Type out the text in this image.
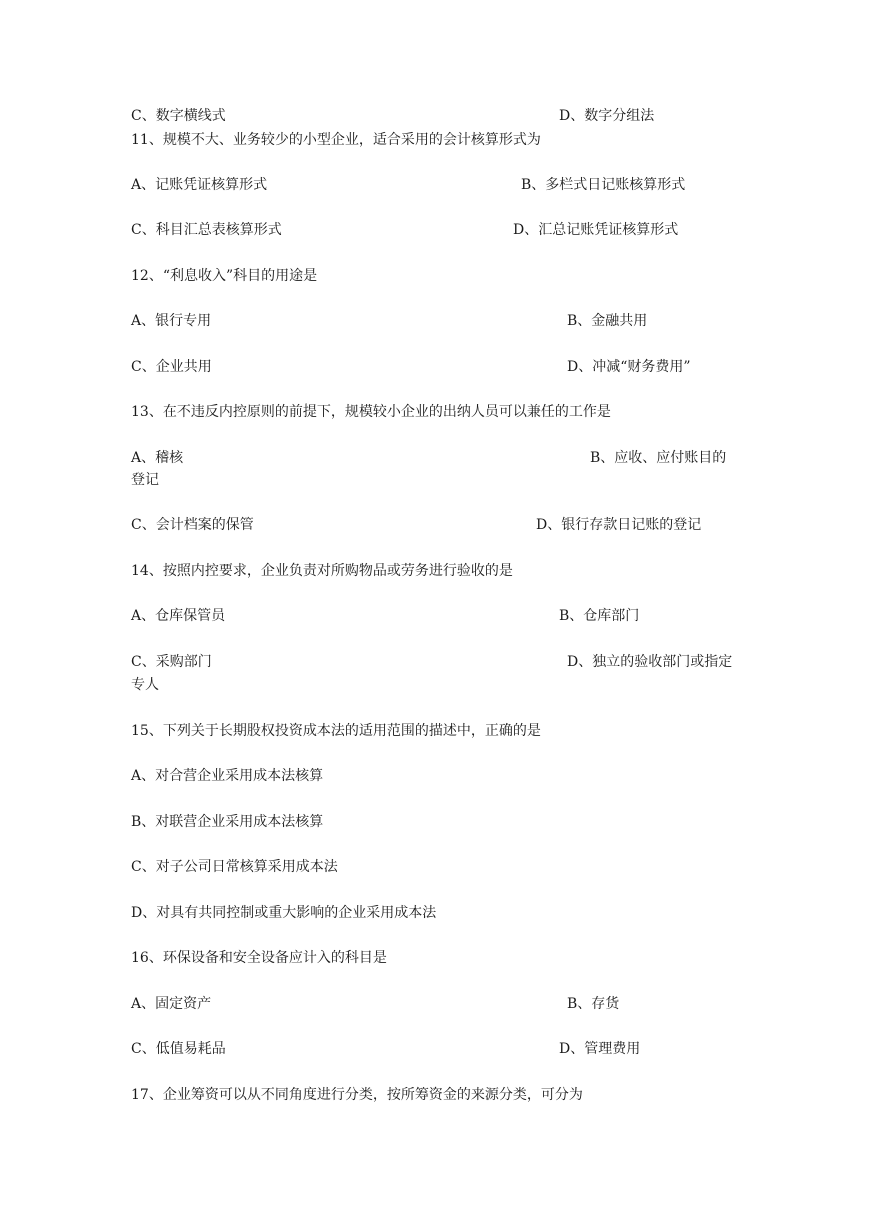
C、数字横线式	D、数字分组法
11、规模不大、业务较少的小型企业，适合采用的会计核算形式为
A、记账凭证核算形式	B、多栏式日记账核算形式
C、科目汇总表核算形式	D、汇总记账凭证核算形式
12、“利息收入”科目的用途是
A、银行专用	B、金融共用
C、企业共用	D、冲减“财务费用”
13、在不违反内控原则的前提下，规模较小企业的出纳人员可以兼任的工作是
A、稽核	B、应收、应付账目的
登记
C、会计档案的保管	D、银行存款日记账的登记
14、按照内控要求，企业负责对所购物品或劳务进行验收的是
A、仓库保管员	B、仓库部门
C、采购部门	D、独立的验收部门或指定
专人
15、下列关于长期股权投资成本法的适用范围的描述中，正确的是
A、对合营企业采用成本法核算
B、对联营企业采用成本法核算
C、对子公司日常核算采用成本法
D、对具有共同控制或重大影响的企业采用成本法
16、环保设备和安全设备应计入的科目是
A、固定资产	B、存货
C、低值易耗品	D、管理费用
17、企业筹资可以从不同角度进行分类，按所筹资金的来源分类，可分为
